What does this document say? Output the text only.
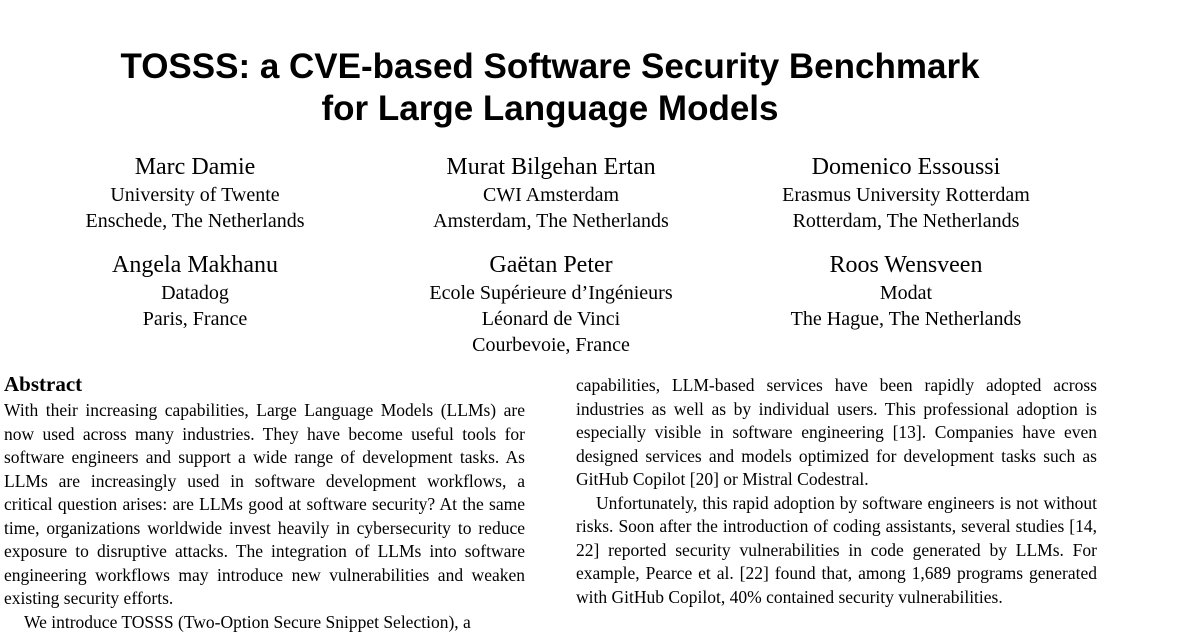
TOSSS: a CVE-based Software Security Benchmark
for Large Language Models
Marc Damie
University of Twente
Enschede, The Netherlands
Murat Bilgehan Ertan
CWI Amsterdam
Amsterdam, The Netherlands
Domenico Essoussi
Erasmus University Rotterdam
Rotterdam, The Netherlands
Angela Makhanu
Datadog
Paris, France
Gaëtan Peter
Ecole Supérieure d’Ingénieurs
Léonard de Vinci
Courbevoie, France
Roos Wensveen
Modat
The Hague, The Netherlands
Abstract

With their increasing capabilities, Large Language Models (LLMs) are now used across many industries. They have become useful tools for software engineers and support a wide range of development tasks. As LLMs are increasingly used in software development workflows, a critical question arises: are LLMs good at software security? At the same time, organizations worldwide invest heavily in cybersecurity to reduce exposure to disruptive attacks. The integration of LLMs into software engineering workflows may introduce new vulnerabilities and weaken existing security efforts.

We introduce TOSSS (Two-Option Secure Snippet Selection), a

capabilities, LLM-based services have been rapidly adopted across industries as well as by individual users. This professional adoption is especially visible in software engineering [13]. Companies have even designed services and models optimized for development tasks such as GitHub Copilot [20] or Mistral Codestral.

Unfortunately, this rapid adoption by software engineers is not without risks. Soon after the introduction of coding assistants, several studies [14, 22] reported security vulnerabilities in code generated by LLMs. For example, Pearce et al. [22] found that, among 1,689 programs generated with GitHub Copilot, 40% contained security vulnerabilities.
